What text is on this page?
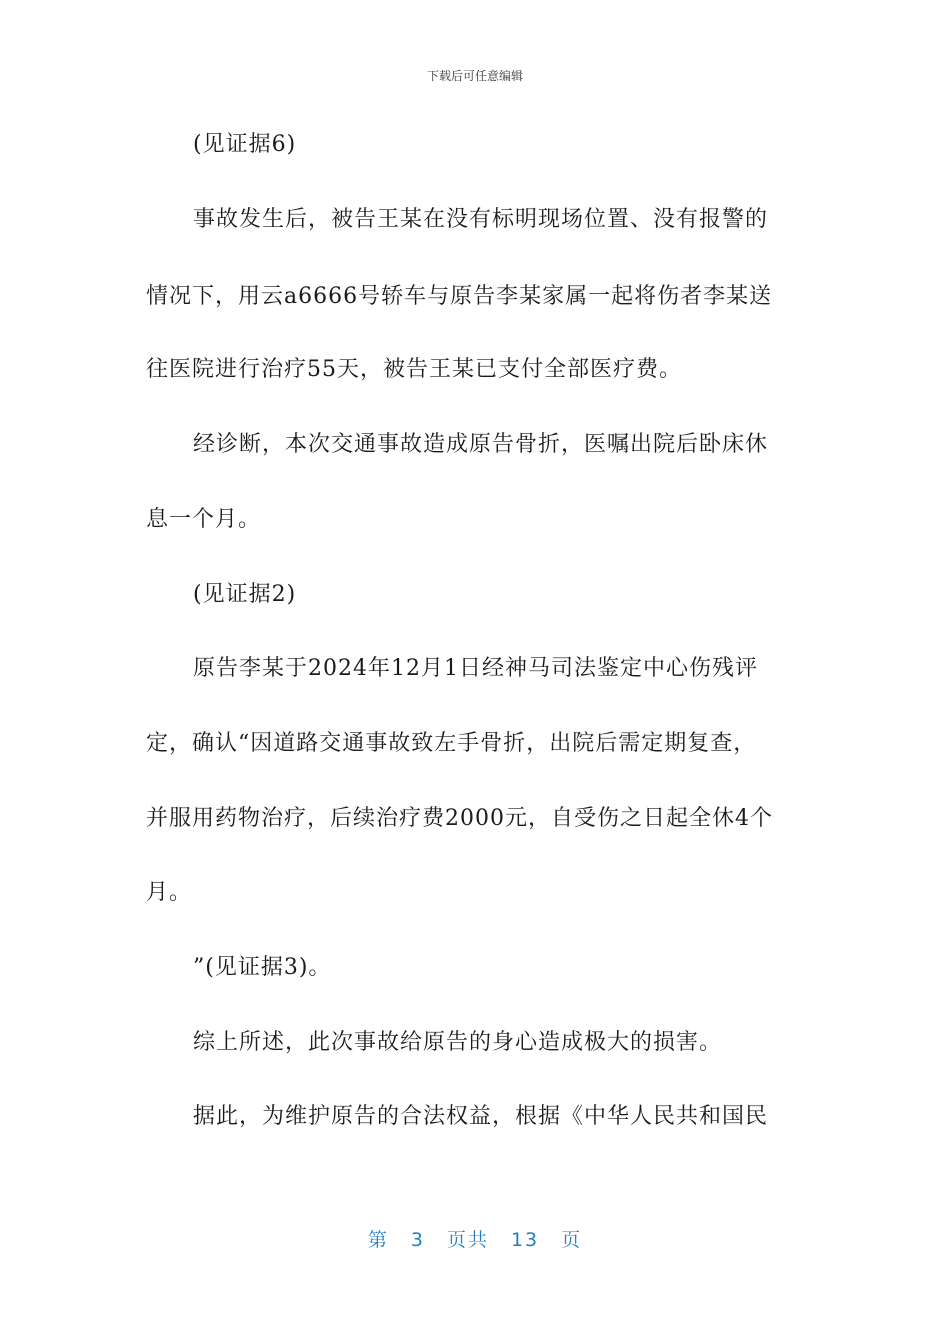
下载后可任意编辑
(见证据6)
事故发生后，被告王某在没有标明现场位置、没有报警的
情况下，用云a6666号轿车与原告李某家属一起将伤者李某送
往医院进行治疗55天，被告王某已支付全部医疗费。
经诊断，本次交通事故造成原告骨折，医嘱出院后卧床休
息一个月。
(见证据2)
原告李某于2024年12月1日经神马司法鉴定中心伤残评
定，确认“因道路交通事故致左手骨折，出院后需定期复查，
并服用药物治疗，后续治疗费2000元，自受伤之日起全休4个
月。
”(见证据3)。
综上所述，此次事故给原告的身心造成极大的损害。
据此，为维护原告的合法权益，根据《中华人民共和国民
第 3 页共 13 页
